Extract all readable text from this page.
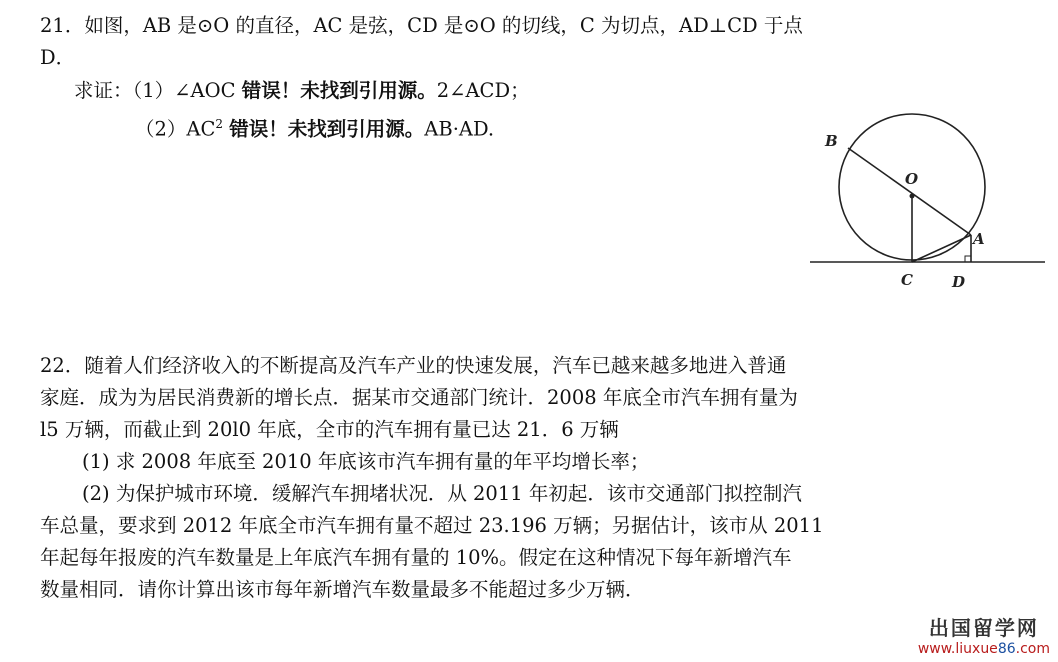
21．如图，AB 是⊙O 的直径，AC 是弦，CD 是⊙O 的切线，C 为切点，AD⊥CD 于点
D．
求证：（1）∠AOC 错误！未找到引用源。2∠ACD；
$(2)AC^2$ 错误！未找到引用源。AB·AD.
B
O
A
C	D
22．随着人们经济收入的不断提高及汽车产业的快速发展，汽车已越来越多地进入普通
家庭．成为为居民消费新的增长点．据某市交通部门统计．2008 年底全市汽车拥有量为
l5 万辆，而截止到 20l0 年底，全市的汽车拥有量已达 21．6 万辆
(1) 求 2008 年底至 2010 年底该市汽车拥有量的年平均增长率；
(2) 为保护城市环境．缓解汽车拥堵状况．从 2011 年初起．该市交通部门拟控制汽
车总量，要求到 2012 年底全市汽车拥有量不超过 23.196 万辆；另据估计，该市从 2011
年起每年报废的汽车数量是上年底汽车拥有量的 10%。假定在这种情况下每年新增汽车
数量相同．请你计算出该市每年新增汽车数量最多不能超过多少万辆．
出国留学网
www.liuxue86.com
